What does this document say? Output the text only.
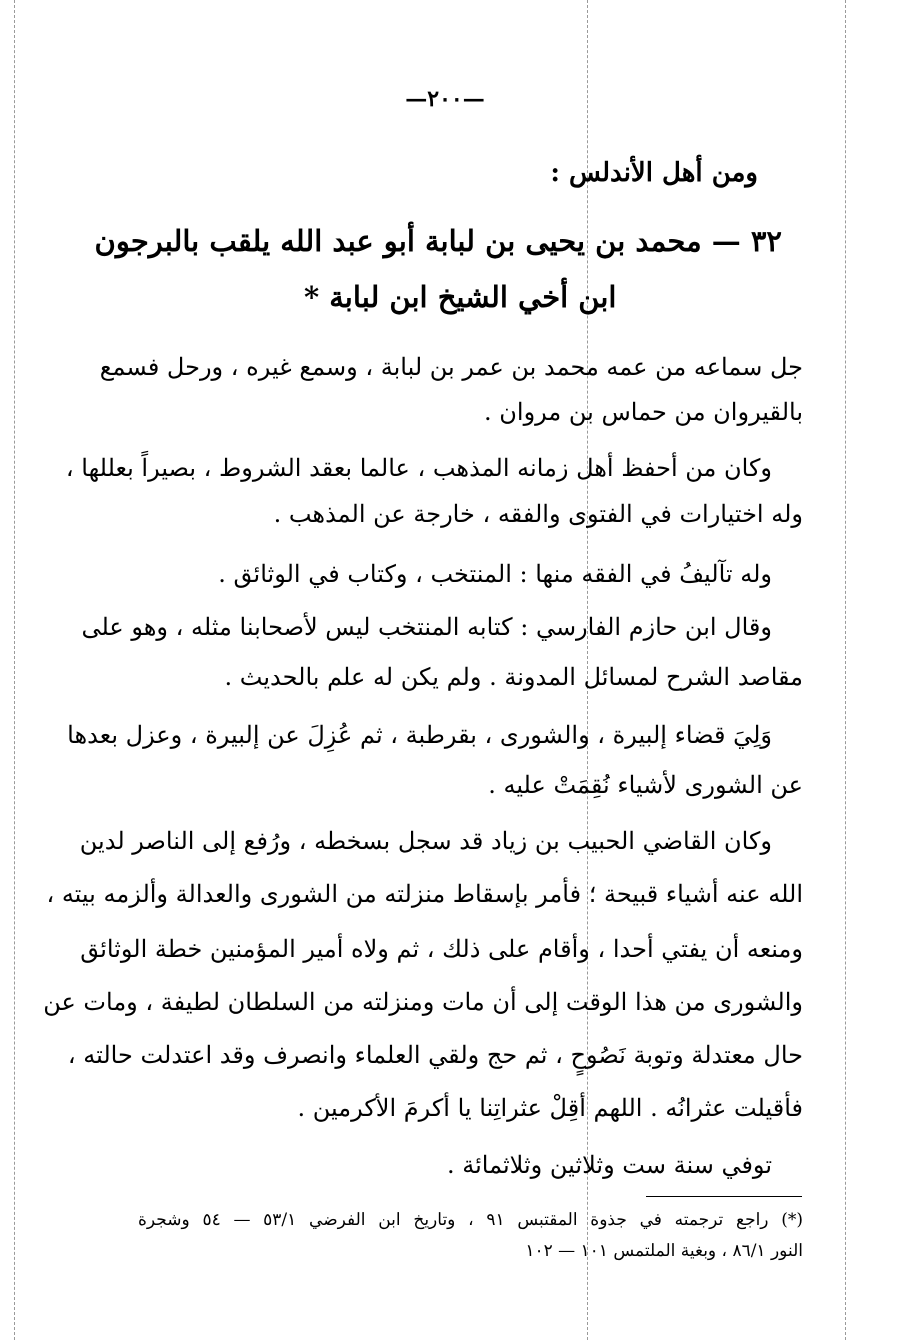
—٢٠٠—
ومن أهل الأندلس :
٣٢ — محمد بن يحيى بن لبابة أبو عبد الله يلقب بالبرجون
ابن أخي الشيخ ابن لبابة *
جل سماعه من عمه محمد بن عمر بن لبابة ، وسمع غيره ، ورحل فسمع
بالقيروان من حماس بن مروان .
وكان من أحفظ أهل زمانه المذهب ، عالما بعقد الشروط ، بصيراً بعللها ،
وله اختيارات في الفتوى والفقه ، خارجة عن المذهب .
وله تآليفُ في الفقه منها : المنتخب ، وكتاب في الوثائق .
وقال ابن حازم الفارسي : كتابه المنتخب ليس لأصحابنا مثله ، وهو على
مقاصد الشرح لمسائل المدونة . ولم يكن له علم بالحديث .
وَلِيَ قضاء إلبيرة ، والشورى ، بقرطبة ، ثم عُزِلَ عن إلبيرة ، وعزل بعدها
عن الشورى لأشياء نُقِمَتْ عليه .
وكان القاضي الحبيب بن زياد قد سجل بسخطه ، ورُفع إلى الناصر لدين
الله عنه أشياء قبيحة ؛ فأمر بإسقاط منزلته من الشورى والعدالة وألزمه بيته ،
ومنعه أن يفتي أحدا ، وأقام على ذلك ، ثم ولاه أمير المؤمنين خطة الوثائق
والشورى من هذا الوقت إلى أن مات ومنزلته من السلطان لطيفة ، ومات عن
حال معتدلة وتوبة نَصُوحٍ ، ثم حج ولقي العلماء وانصرف وقد اعتدلت حالته ،
فأقيلت عثرانُه . اللهم أقِلْ عثراتِنا يا أكرمَ الأكرمين .
توفي سنة ست وثلاثين وثلاثمائة .
(*) راجع ترجمته في جذوة المقتبس ٩١ ، وتاريخ ابن الفرضي ٥٣/١ — ٥٤ وشجرة
النور ٨٦/١ ، وبغية الملتمس ١٠١ — ١٠٢
